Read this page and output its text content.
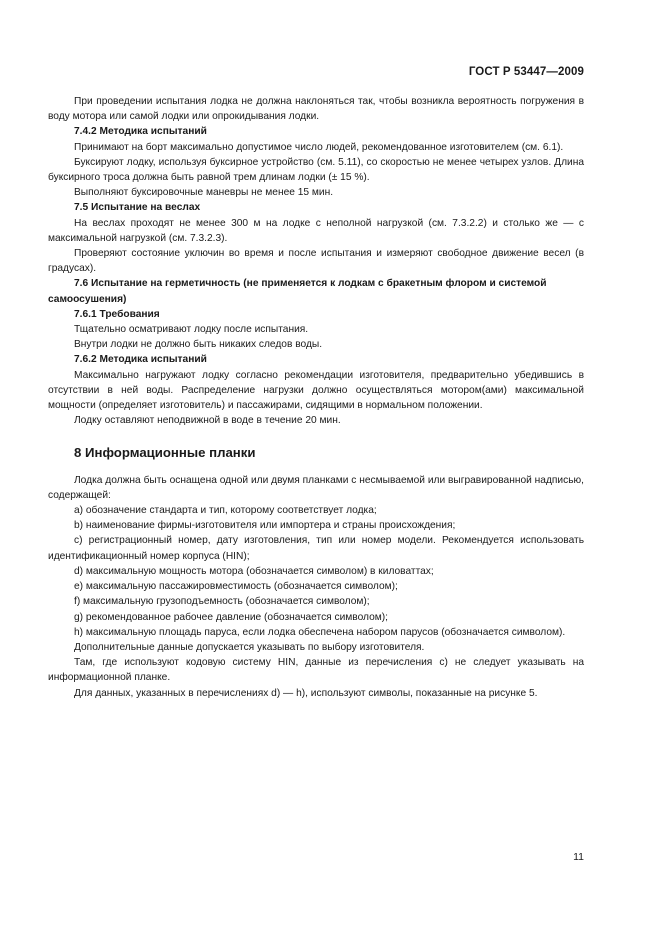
ГОСТ Р 53447—2009
При проведении испытания лодка не должна наклоняться так, чтобы возникла вероятность погружения в воду мотора или самой лодки или опрокидывания лодки.
7.4.2 Методика испытаний
Принимают на борт максимально допустимое число людей, рекомендованное изготовителем (см. 6.1).
Буксируют лодку, используя буксирное устройство (см. 5.11), со скоростью не менее четырех узлов. Длина буксирного троса должна быть равной трем длинам лодки (± 15 %).
Выполняют буксировочные маневры не менее 15 мин.
7.5 Испытание на веслах
На веслах проходят не менее 300 м на лодке с неполной нагрузкой (см. 7.3.2.2) и столько же — с максимальной нагрузкой (см. 7.3.2.3).
Проверяют состояние уключин во время и после испытания и измеряют свободное движение весел (в градусах).
7.6 Испытание на герметичность (не применяется к лодкам с бракетным флором и системой самоосушения)
7.6.1 Требования
Тщательно осматривают лодку после испытания.
Внутри лодки не должно быть никаких следов воды.
7.6.2 Методика испытаний
Максимально нагружают лодку согласно рекомендации изготовителя, предварительно убедившись в отсутствии в ней воды. Распределение нагрузки должно осуществляться мотором(ами) максимальной мощности (определяет изготовитель) и пассажирами, сидящими в нормальном положении.
Лодку оставляют неподвижной в воде в течение 20 мин.
8 Информационные планки
Лодка должна быть оснащена одной или двумя планками с несмываемой или выгравированной надписью, содержащей:
а) обозначение стандарта и тип, которому соответствует лодка;
b) наименование фирмы-изготовителя или импортера и страны происхождения;
c) регистрационный номер, дату изготовления, тип или номер модели. Рекомендуется использовать идентификационный номер корпуса (HIN);
d) максимальную мощность мотора (обозначается символом) в киловаттах;
e) максимальную пассажировместимость (обозначается символом);
f) максимальную грузоподъемность (обозначается символом);
g) рекомендованное рабочее давление (обозначается символом);
h) максимальную площадь паруса, если лодка обеспечена набором парусов (обозначается символом).
Дополнительные данные допускается указывать по выбору изготовителя.
Там, где используют кодовую систему HIN, данные из перечисления с) не следует указывать на информационной планке.
Для данных, указанных в перечислениях d) — h), используют символы, показанные на рисунке 5.
11
